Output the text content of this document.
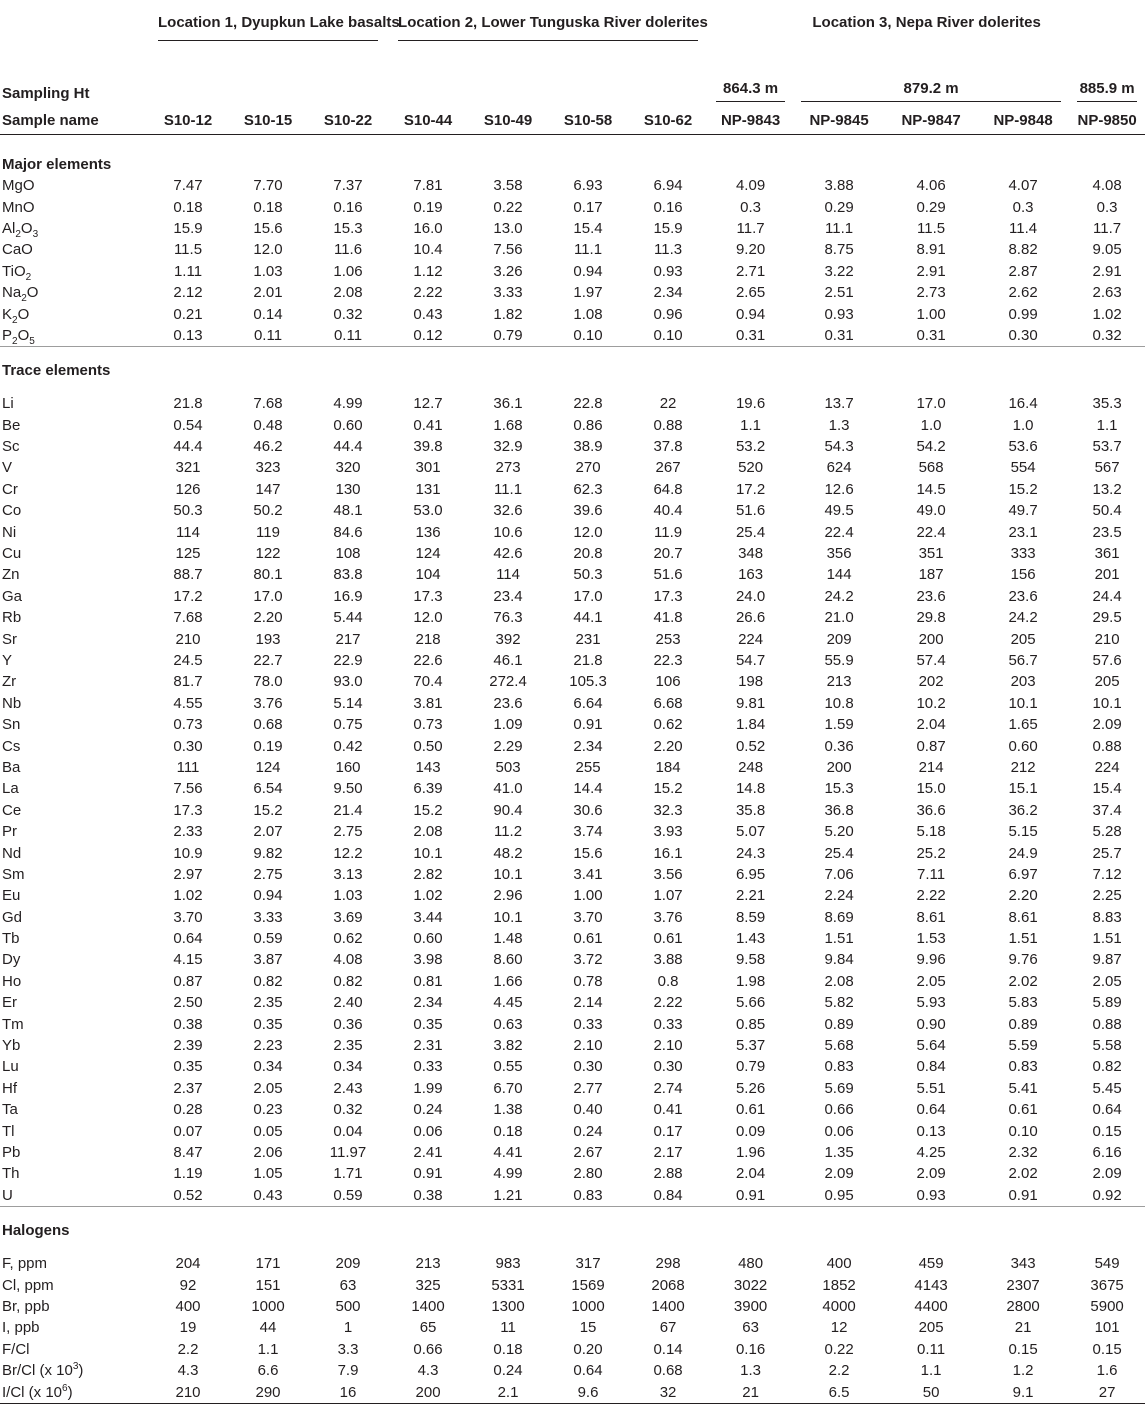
	Location 1, Dyupkun Lake basalts			Location 2, Lower Tunguska River dolerites				Location 3, Nepa River dolerites				

Sampling Ht								864.3 m	879.2 m			885.9 m

Sample name	S10-12	S10-15	S10-22	S10-44	S10-49	S10-58	S10-62	NP-9843	NP-9845	NP-9847	NP-9848	NP-9850
Major elements												
MgO	7.47	7.70	7.37	7.81	3.58	6.93	6.94	4.09	3.88	4.06	4.07	4.08
MnO	0.18	0.18	0.16	0.19	0.22	0.17	0.16	0.3	0.29	0.29	0.3	0.3
$Al_2O_3$	15.9	15.6	15.3	16.0	13.0	15.4	15.9	11.7	11.1	11.5	11.4	11.7
CaO	11.5	12.0	11.6	10.4	7.56	11.1	11.3	9.20	8.75	8.91	8.82	9.05
TiO$_2$	1.11	1.03	1.06	1.12	3.26	0.94	0.93	2.71	3.22	2.91	2.87	2.91
$Na_2O$	2.12	2.01	2.08	2.22	3.33	1.97	2.34	2.65	2.51	2.73	2.62	2.63
$K_2O$	0.21	0.14	0.32	0.43	1.82	1.08	0.96	0.94	0.93	1.00	0.99	1.02
$P_2O_5$	0.13	0.11	0.11	0.12	0.79	0.10	0.10	0.31	0.31	0.31	0.30	0.32
Trace elements												

Li	21.8	7.68	4.99	12.7	36.1	22.8	22	19.6	13.7	17.0	16.4	35.3
Be	0.54	0.48	0.60	0.41	1.68	0.86	0.88	1.1	1.3	1.0	1.0	1.1
Sc	44.4	46.2	44.4	39.8	32.9	38.9	37.8	53.2	54.3	54.2	53.6	53.7
V	321	323	320	301	273	270	267	520	624	568	554	567
Cr	126	147	130	131	11.1	62.3	64.8	17.2	12.6	14.5	15.2	13.2
Co	50.3	50.2	48.1	53.0	32.6	39.6	40.4	51.6	49.5	49.0	49.7	50.4
Ni	114	119	84.6	136	10.6	12.0	11.9	25.4	22.4	22.4	23.1	23.5
Cu	125	122	108	124	42.6	20.8	20.7	348	356	351	333	361
Zn	88.7	80.1	83.8	104	114	50.3	51.6	163	144	187	156	201
Ga	17.2	17.0	16.9	17.3	23.4	17.0	17.3	24.0	24.2	23.6	23.6	24.4
Rb	7.68	2.20	5.44	12.0	76.3	44.1	41.8	26.6	21.0	29.8	24.2	29.5
Sr	210	193	217	218	392	231	253	224	209	200	205	210
Y	24.5	22.7	22.9	22.6	46.1	21.8	22.3	54.7	55.9	57.4	56.7	57.6
Zr	81.7	78.0	93.0	70.4	272.4	105.3	106	198	213	202	203	205
Nb	4.55	3.76	5.14	3.81	23.6	6.64	6.68	9.81	10.8	10.2	10.1	10.1
Sn	0.73	0.68	0.75	0.73	1.09	0.91	0.62	1.84	1.59	2.04	1.65	2.09
Cs	0.30	0.19	0.42	0.50	2.29	2.34	2.20	0.52	0.36	0.87	0.60	0.88
Ba	111	124	160	143	503	255	184	248	200	214	212	224
La	7.56	6.54	9.50	6.39	41.0	14.4	15.2	14.8	15.3	15.0	15.1	15.4
Ce	17.3	15.2	21.4	15.2	90.4	30.6	32.3	35.8	36.8	36.6	36.2	37.4
Pr	2.33	2.07	2.75	2.08	11.2	3.74	3.93	5.07	5.20	5.18	5.15	5.28
Nd	10.9	9.82	12.2	10.1	48.2	15.6	16.1	24.3	25.4	25.2	24.9	25.7
Sm	2.97	2.75	3.13	2.82	10.1	3.41	3.56	6.95	7.06	7.11	6.97	7.12
Eu	1.02	0.94	1.03	1.02	2.96	1.00	1.07	2.21	2.24	2.22	2.20	2.25
Gd	3.70	3.33	3.69	3.44	10.1	3.70	3.76	8.59	8.69	8.61	8.61	8.83
Tb	0.64	0.59	0.62	0.60	1.48	0.61	0.61	1.43	1.51	1.53	1.51	1.51
Dy	4.15	3.87	4.08	3.98	8.60	3.72	3.88	9.58	9.84	9.96	9.76	9.87
Ho	0.87	0.82	0.82	0.81	1.66	0.78	0.8	1.98	2.08	2.05	2.02	2.05
Er	2.50	2.35	2.40	2.34	4.45	2.14	2.22	5.66	5.82	5.93	5.83	5.89
Tm	0.38	0.35	0.36	0.35	0.63	0.33	0.33	0.85	0.89	0.90	0.89	0.88
Yb	2.39	2.23	2.35	2.31	3.82	2.10	2.10	5.37	5.68	5.64	5.59	5.58
Lu	0.35	0.34	0.34	0.33	0.55	0.30	0.30	0.79	0.83	0.84	0.83	0.82
Hf	2.37	2.05	2.43	1.99	6.70	2.77	2.74	5.26	5.69	5.51	5.41	5.45
Ta	0.28	0.23	0.32	0.24	1.38	0.40	0.41	0.61	0.66	0.64	0.61	0.64
Tl	0.07	0.05	0.04	0.06	0.18	0.24	0.17	0.09	0.06	0.13	0.10	0.15
Pb	8.47	2.06	11.97	2.41	4.41	2.67	2.17	1.96	1.35	4.25	2.32	6.16
Th	1.19	1.05	1.71	0.91	4.99	2.80	2.88	2.04	2.09	2.09	2.02	2.09
U	0.52	0.43	0.59	0.38	1.21	0.83	0.84	0.91	0.95	0.93	0.91	0.92
Halogens												

F, ppm	204	171	209	213	983	317	298	480	400	459	343	549
Cl, ppm	92	151	63	325	5331	1569	2068	3022	1852	4143	2307	3675
Br, ppb	400	1000	500	1400	1300	1000	1400	3900	4000	4400	2800	5900
I, ppb	19	44	1	65	11	15	67	63	12	205	21	101
F/Cl	2.2	1.1	3.3	0.66	0.18	0.20	0.14	0.16	0.22	0.11	0.15	0.15
Br/Cl (x $10^3$)	4.3	6.6	7.9	4.3	0.24	0.64	0.68	1.3	2.2	1.1	1.2	1.6
I/Cl (x $10^6$)	210	290	16	200	2.1	9.6	32	21	6.5	50	9.1	27
